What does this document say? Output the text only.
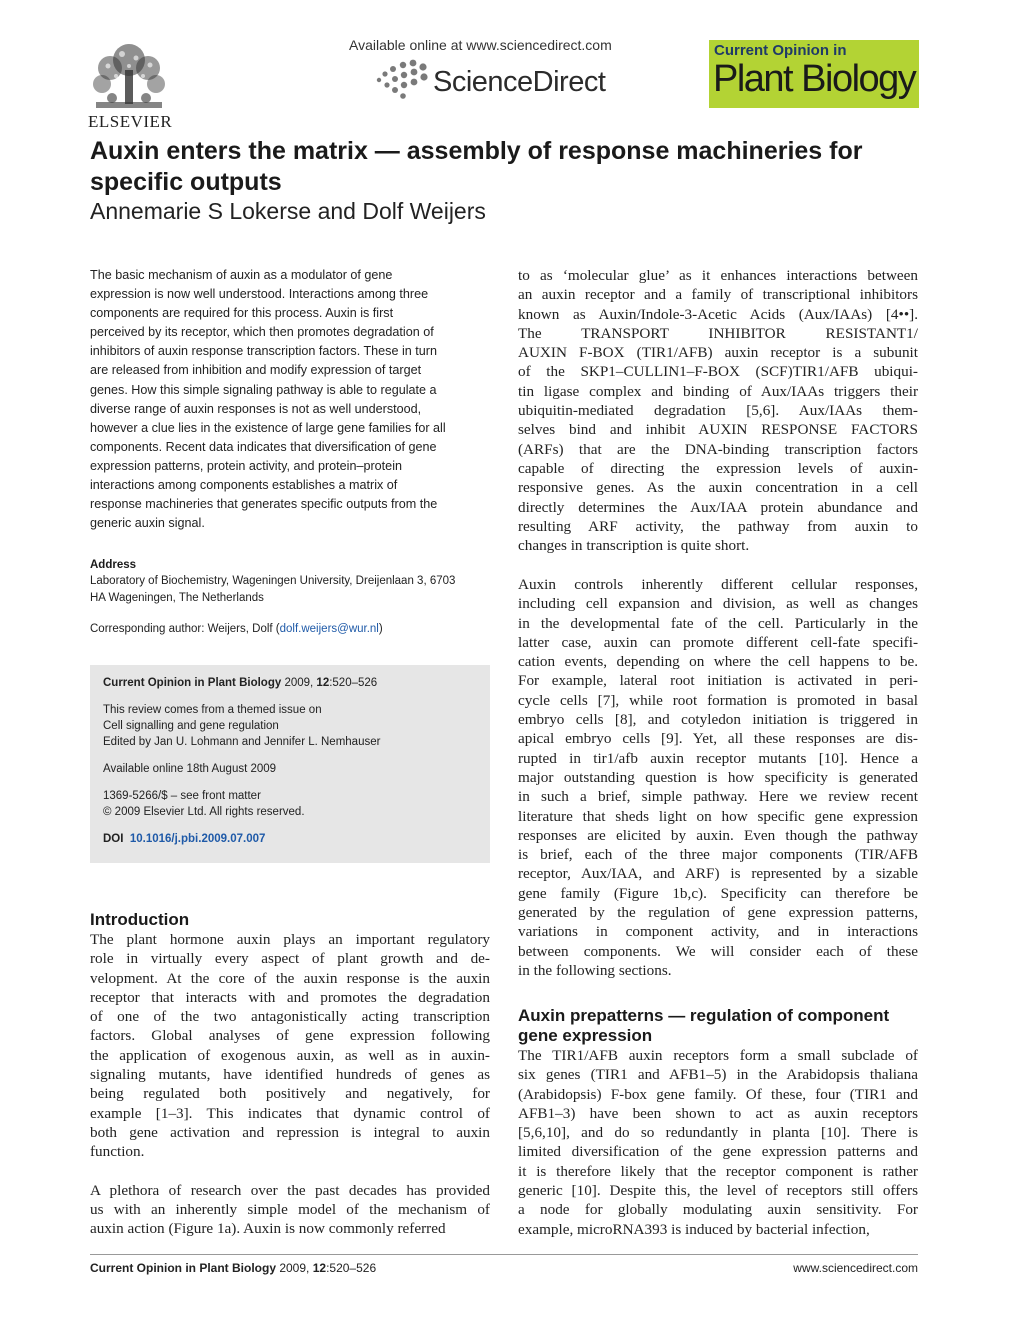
ELSEVIER
Available online at www.sciencedirect.com
ScienceDirect
Current Opinion in
Plant Biology
Auxin enters the matrix — assembly of response machineries for specific outputs
Annemarie S Lokerse and Dolf Weijers
The basic mechanism of auxin as a modulator of gene
expression is now well understood. Interactions among three
components are required for this process. Auxin is first
perceived by its receptor, which then promotes degradation of
inhibitors of auxin response transcription factors. These in turn
are released from inhibition and modify expression of target
genes. How this simple signaling pathway is able to regulate a
diverse range of auxin responses is not as well understood,
however a clue lies in the existence of large gene families for all
components. Recent data indicates that diversification of gene
expression patterns, protein activity, and protein–protein
interactions among components establishes a matrix of
response machineries that generates specific outputs from the
generic auxin signal.
Address
Laboratory of Biochemistry, Wageningen University, Dreijenlaan 3, 6703
HA Wageningen, The Netherlands
Corresponding author: Weijers, Dolf (dolf.weijers@wur.nl)
Current Opinion in Plant Biology 2009, 12:520–526
This review comes from a themed issue on
Cell signalling and gene regulation
Edited by Jan U. Lohmann and Jennifer L. Nemhauser
Available online 18th August 2009
1369-5266/$ – see front matter
© 2009 Elsevier Ltd. All rights reserved.
DOI 10.1016/j.pbi.2009.07.007
Introduction
The plant hormone auxin plays an important regulatory
role in virtually every aspect of plant growth and de-
velopment. At the core of the auxin response is the auxin
receptor that interacts with and promotes the degradation
of one of the two antagonistically acting transcription
factors. Global analyses of gene expression following
the application of exogenous auxin, as well as in auxin-
signaling mutants, have identified hundreds of genes as
being regulated both positively and negatively, for
example [1–3]. This indicates that dynamic control of
both gene activation and repression is integral to auxin
function.
A plethora of research over the past decades has provided
us with an inherently simple model of the mechanism of
auxin action (Figure 1a). Auxin is now commonly referred
to as ‘molecular glue’ as it enhances interactions between
an auxin receptor and a family of transcriptional inhibitors
known as Auxin/Indole-3-Acetic Acids (Aux/IAAs) [4••].
The TRANSPORT INHIBITOR RESISTANT1/
AUXIN F-BOX (TIR1/AFB) auxin receptor is a subunit
of the SKP1–CULLIN1–F-BOX (SCF)TIR1/AFB ubiqui-
tin ligase complex and binding of Aux/IAAs triggers their
ubiquitin-mediated degradation [5,6]. Aux/IAAs them-
selves bind and inhibit AUXIN RESPONSE FACTORS
(ARFs) that are the DNA-binding transcription factors
capable of directing the expression levels of auxin-
responsive genes. As the auxin concentration in a cell
directly determines the Aux/IAA protein abundance and
resulting ARF activity, the pathway from auxin to
changes in transcription is quite short.
Auxin controls inherently different cellular responses,
including cell expansion and division, as well as changes
in the developmental fate of the cell. Particularly in the
latter case, auxin can promote different cell-fate specifi-
cation events, depending on where the cell happens to be.
For example, lateral root initiation is activated in peri-
cycle cells [7], while root formation is promoted in basal
embryo cells [8], and cotyledon initiation is triggered in
apical embryo cells [9]. Yet, all these responses are dis-
rupted in tir1/afb auxin receptor mutants [10]. Hence a
major outstanding question is how specificity is generated
in such a brief, simple pathway. Here we review recent
literature that sheds light on how specific gene expression
responses are elicited by auxin. Even though the pathway
is brief, each of the three major components (TIR/AFB
receptor, Aux/IAA, and ARF) is represented by a sizable
gene family (Figure 1b,c). Specificity can therefore be
generated by the regulation of gene expression patterns,
variations in component activity, and in interactions
between components. We will consider each of these
in the following sections.
Auxin prepatterns — regulation of component
gene expression
The TIR1/AFB auxin receptors form a small subclade of
six genes (TIR1 and AFB1–5) in the Arabidopsis thaliana
(Arabidopsis) F-box gene family. Of these, four (TIR1 and
AFB1–3) have been shown to act as auxin receptors
[5,6,10], and do so redundantly in planta [10]. There is
limited diversification of the gene expression patterns and
it is therefore likely that the receptor component is rather
generic [10]. Despite this, the level of receptors still offers
a node for globally modulating auxin sensitivity. For
example, microRNA393 is induced by bacterial infection,
Current Opinion in Plant Biology 2009, 12:520–526	www.sciencedirect.com
